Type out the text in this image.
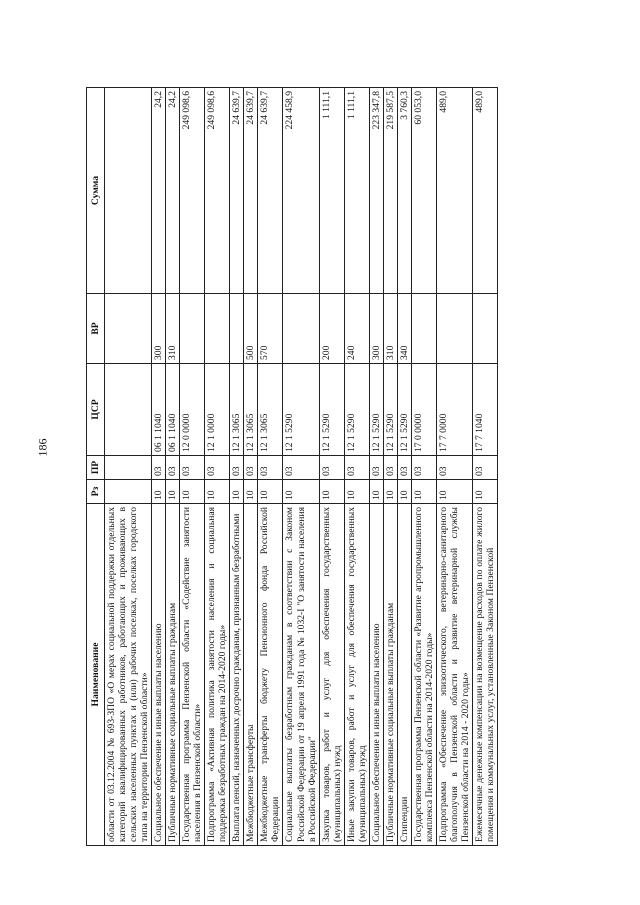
186
Наименование	Рз	ПР	ЦСР	ВР	Сумма
области от 03.12.2004 № 693-ЗПО «О мерах социальной поддержки отдельных категорий квалифицированных работников, работающих и проживающих в сельских населенных пунктах и (или) рабочих поселках, поселках городского типа на территории Пензенской области»					
Социальное обеспечение и иные выплаты населению	10	03	06 1 1040	300	24,2
Публичные нормативные социальные выплаты гражданам	10	03	06 1 1040	310	24,2
Государственная программа Пензенской области «Содействие занятости населения в Пензенской области»	10	03	12 0 0000		249 098,6
Подпрограмма «Активная политика занятости населения и социальная поддержка безработных граждан на 2014-2020 годы»	10	03	12 1 0000		249 098,6
Выплата пенсий, назначенных досрочно гражданам, признанным безработными	10	03	12 1 3065		24 639,7
Межбюджетные трансферты	10	03	12 1 3065	500	24 639,7
Межбюджетные трансферты бюджету Пенсионного фонда Российской Федерации	10	03	12 1 3065	570	24 639,7
Социальные выплаты безработным гражданам в соответствии с Законом Российской Федерации от 19 апреля 1991 года № 1032-I "О занятости населения в Российской Федерации"	10	03	12 1 5290		224 458,9
Закупка товаров, работ и услуг для обеспечения государственных (муниципальных) нужд	10	03	12 1 5290	200	1 111,1
Иные закупки товаров, работ и услуг для обеспечения государственных (муниципальных) нужд	10	03	12 1 5290	240	1 111,1
Социальное обеспечение и иные выплаты населению	10	03	12 1 5290	300	223 347,8
Публичные нормативные социальные выплаты гражданам	10	03	12 1 5290	310	219 587,5
Стипендии	10	03	12 1 5290	340	3 760,3
Государственная программа Пензенской области «Развитие агропромышленного комплекса Пензенской области на 2014-2020 годы»	10	03	17 0 0000		60 053,0
Подпрограмма «Обеспечение эпизоотического, ветеринарно-санитарного благополучия в Пензенской области и развитие ветеринарной службы Пензенской области на 2014 - 2020 годы»	10	03	17 7 0000		489,0
Ежемесячные денежные компенсации на возмещение расходов по оплате жилого помещения и коммунальных услуг, установленные Законом Пензенской	10	03	17 7 1040		489,0
